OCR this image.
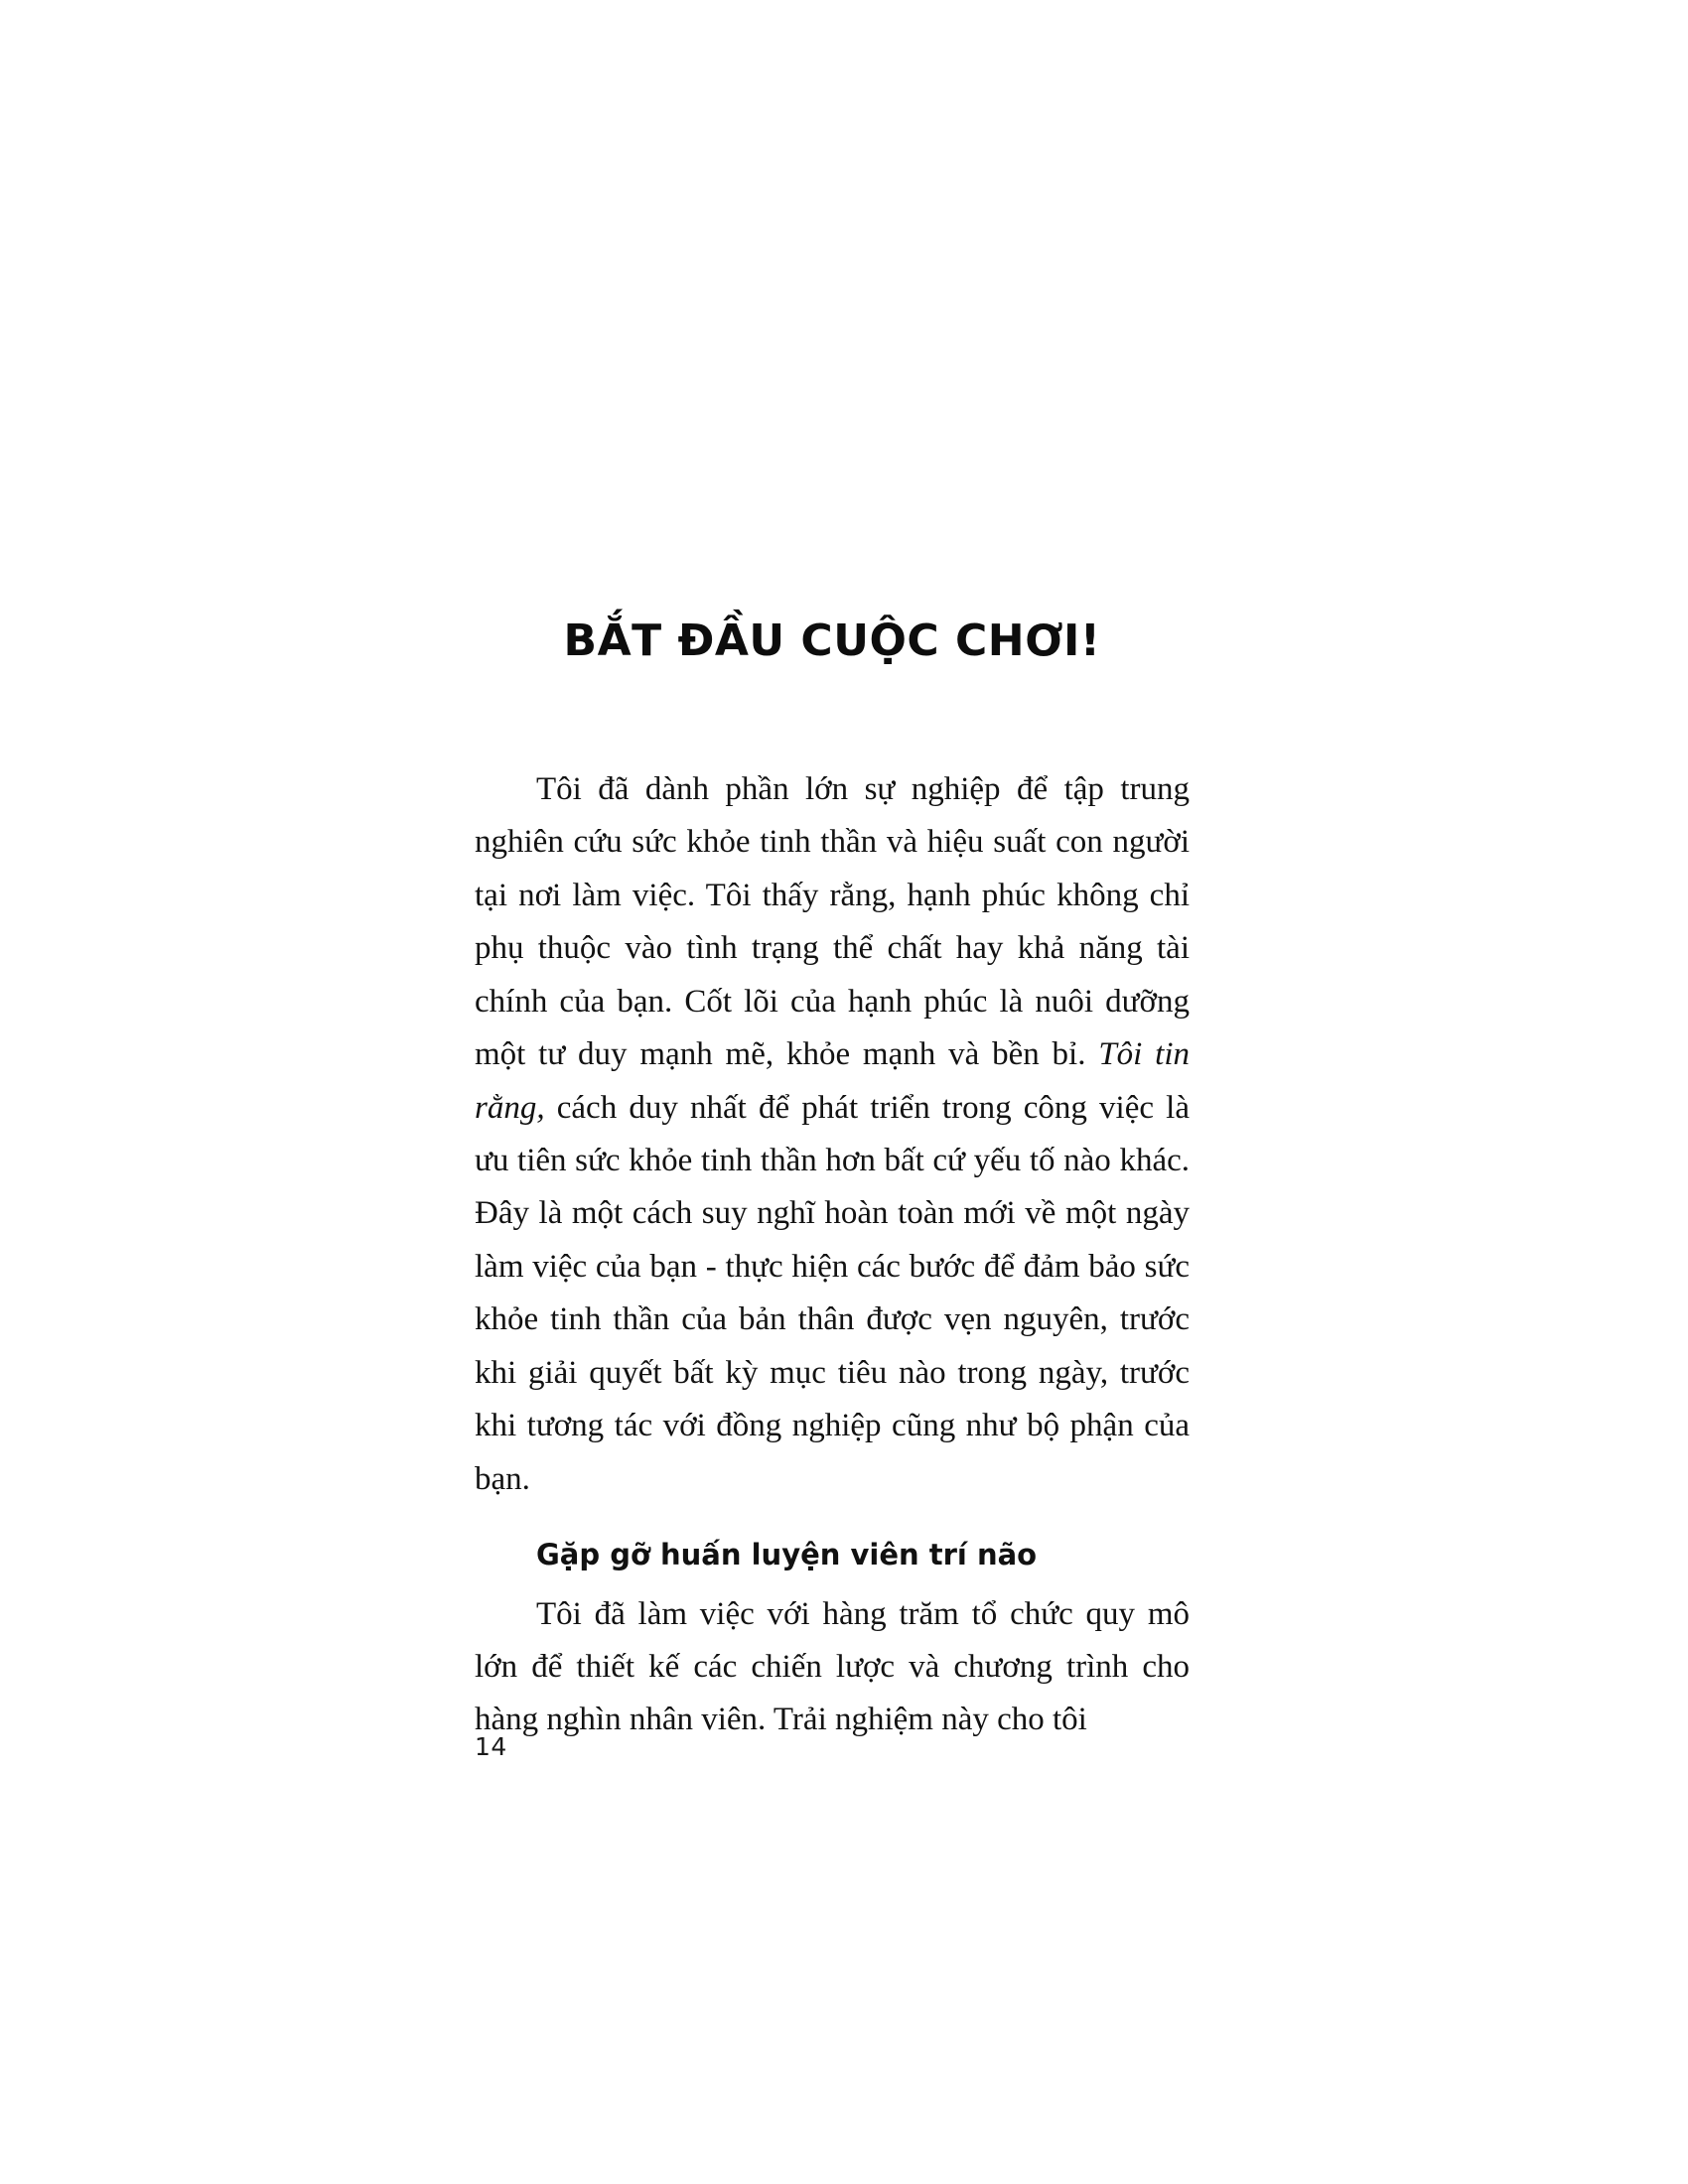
BẮT ĐẦU CUỘC CHƠI!

Tôi đã dành phần lớn sự nghiệp để tập trung nghiên cứu sức khỏe tinh thần và hiệu suất con người tại nơi làm việc. Tôi thấy rằng, hạnh phúc không chỉ phụ thuộc vào tình trạng thể chất hay khả năng tài chính của bạn. Cốt lõi của hạnh phúc là nuôi dưỡng một tư duy mạnh mẽ, khỏe mạnh và bền bỉ. Tôi tin rằng, cách duy nhất để phát triển trong công việc là ưu tiên sức khỏe tinh thần hơn bất cứ yếu tố nào khác. Đây là một cách suy nghĩ hoàn toàn mới về một ngày làm việc của bạn - thực hiện các bước để đảm bảo sức khỏe tinh thần của bản thân được vẹn nguyên, trước khi giải quyết bất kỳ mục tiêu nào trong ngày, trước khi tương tác với đồng nghiệp cũng như bộ phận của bạn.

Gặp gỡ huấn luyện viên trí não

Tôi đã làm việc với hàng trăm tổ chức quy mô lớn để thiết kế các chiến lược và chương trình cho hàng nghìn nhân viên. Trải nghiệm này cho tôi

14
